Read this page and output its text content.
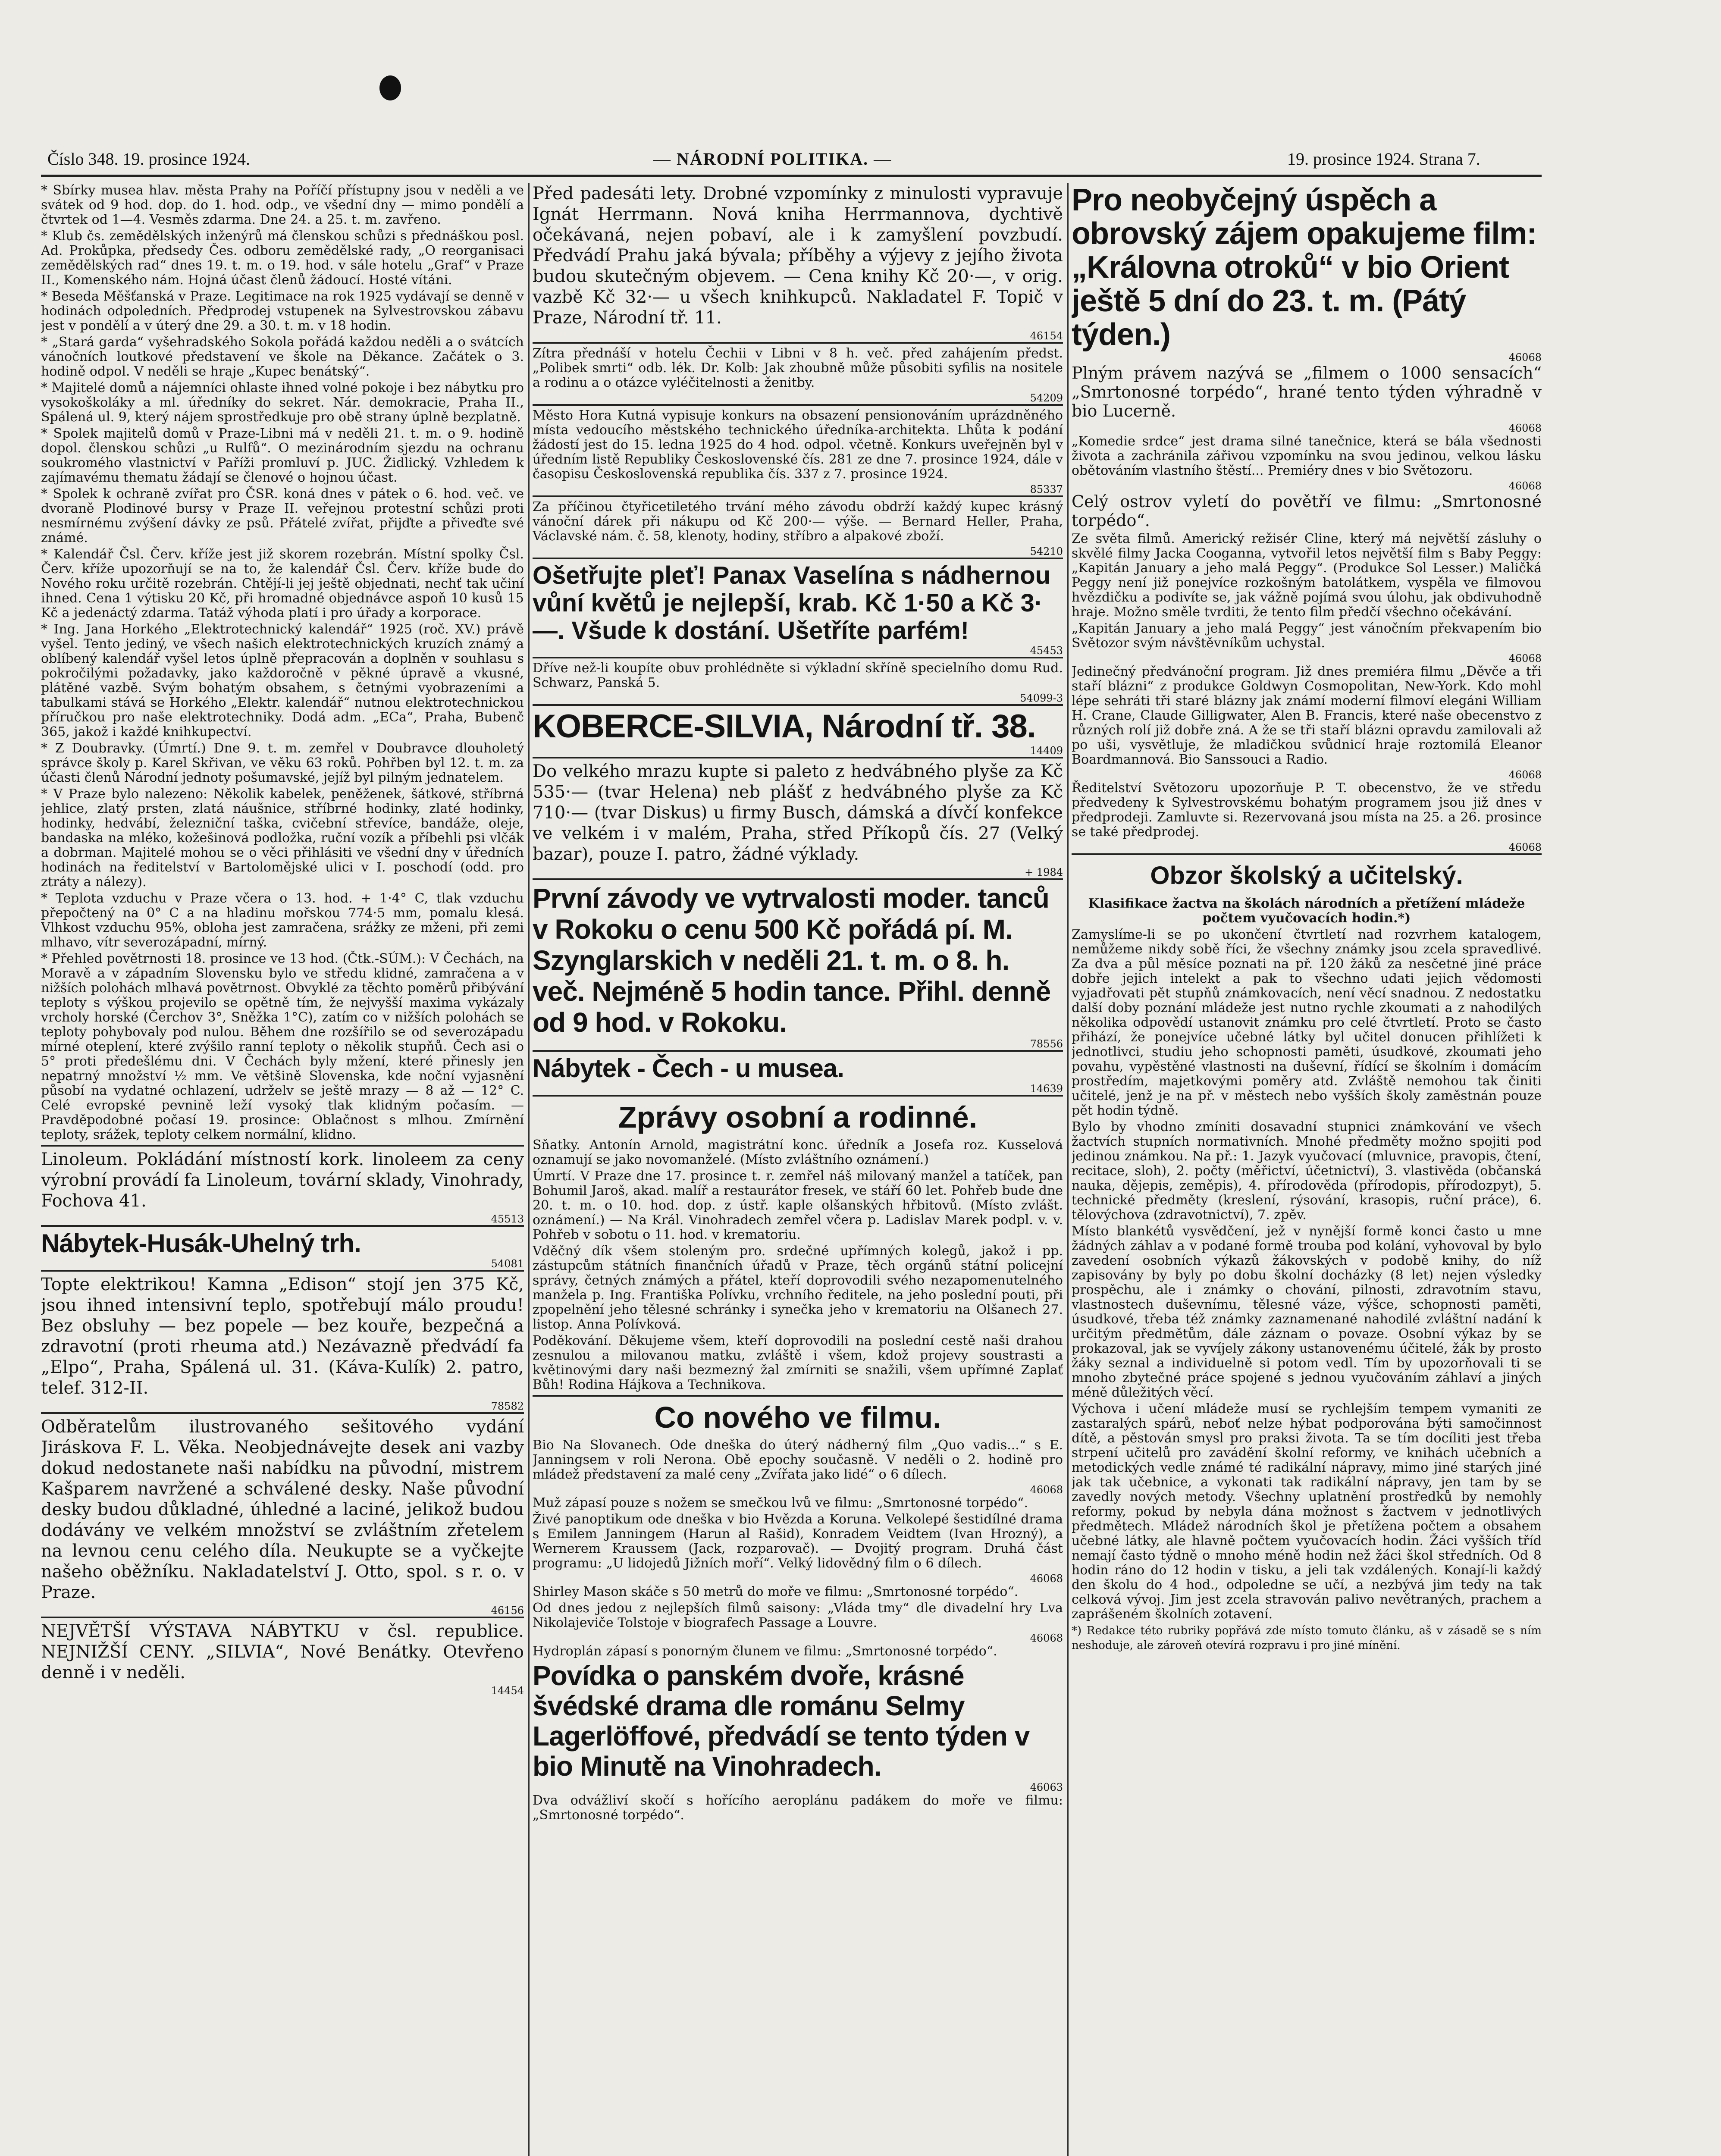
Číslo 348. 19. prosince 1924.	— NÁRODNÍ POLITIKA. —	19. prosince 1924. Strana 7.

* Sbírky musea hlav. města Prahy na Poříčí přístupny jsou v neděli a ve svátek od 9 hod. dop. do 1. hod. odp., ve všední dny — mimo pondělí a čtvrtek od 1—4. Vesměs zdarma. Dne 24. a 25. t. m. zavřeno.

* Klub čs. zemědělských inženýrů má členskou schůzi s přednáškou posl. Ad. Prokůpka, předsedy Čes. odboru zemědělské rady, „O reorganisaci zemědělských rad“ dnes 19. t. m. o 19. hod. v sále hotelu „Graf“ v Praze II., Komenského nám. Hojná účast členů žádoucí. Hosté vítáni.

* Beseda Měšťanská v Praze. Legitimace na rok 1925 vydávají se denně v hodinách odpoledních. Předprodej vstupenek na Sylvestrovskou zábavu jest v pondělí a v úterý dne 29. a 30. t. m. v 18 hodin.

* „Stará garda“ vyšehradského Sokola pořádá každou neděli a o svátcích vánočních loutkové představení ve škole na Děkance. Začátek o 3. hodině odpol. V neděli se hraje „Kupec benátský“.

* Majitelé domů a nájemníci ohlaste ihned volné pokoje i bez nábytku pro vysokoškoláky a ml. úředníky do sekret. Nár. demokracie, Praha II., Spálená ul. 9, který nájem sprostředkuje pro obě strany úplně bezplatně.

* Spolek majitelů domů v Praze-Libni má v neděli 21. t. m. o 9. hodině dopol. členskou schůzi „u Rulfů“. O mezinárodním sjezdu na ochranu soukromého vlastnictví v Paříži promluví p. JUC. Židlický. Vzhledem k zajímavému thematu žádají se členové o hojnou účast.

* Spolek k ochraně zvířat pro ČSR. koná dnes v pátek o 6. hod. več. ve dvoraně Plodinové bursy v Praze II. veřejnou protestní schůzi proti nesmírnému zvýšení dávky ze psů. Přátelé zvířat, přijďte a přiveďte své známé.

* Kalendář Čsl. Červ. kříže jest již skorem rozebrán. Místní spolky Čsl. Červ. kříže upozorňují se na to, že kalendář Čsl. Červ. kříže bude do Nového roku určitě rozebrán. Chtějí-li jej ještě objednati, nechť tak učiní ihned. Cena 1 výtisku 20 Kč, při hromadné objednávce aspoň 10 kusů 15 Kč a jedenáctý zdarma. Tatáž výhoda platí i pro úřady a korporace.

* Ing. Jana Horkého „Elektrotechnický kalendář“ 1925 (roč. XV.) právě vyšel. Tento jediný, ve všech našich elektrotechnických kruzích známý a oblíbený kalendář vyšel letos úplně přepracován a doplněn v souhlasu s pokročilými požadavky, jako každoročně v pěkné úpravě a vkusné, plátěné vazbě. Svým bohatým obsahem, s četnými vyobrazeními a tabulkami stává se Horkého „Elektr. kalendář“ nutnou elektrotechnickou příručkou pro naše elektrotechniky. Dodá adm. „ECa“, Praha, Bubenč 365, jakož i každé knihkupectví.

* Z Doubravky. (Úmrtí.) Dne 9. t. m. zemřel v Doubravce dlouholetý správce školy p. Karel Skřivan, ve věku 63 roků. Pohřben byl 12. t. m. za účasti členů Národní jednoty pošumavské, jejíž byl pilným jednatelem.

* V Praze bylo nalezeno: Několik kabelek, peněženek, šátkové, stříbrná jehlice, zlatý prsten, zlatá náušnice, stříbrné hodinky, zlaté hodinky, hodinky, hedvábí, železniční taška, cvičební střevíce, bandáže, oleje, bandaska na mléko, kožešinová podložka, ruční vozík a příbehli psi vlčák a dobrman. Majitelé mohou se o věci přihlásiti ve všední dny v úředních hodinách na ředitelství v Bartolomějské ulici v I. poschodí (odd. pro ztráty a nálezy).

* Teplota vzduchu v Praze včera o 13. hod. + 1·4° C, tlak vzduchu přepočtený na 0° C a na hladinu mořskou 774·5 mm, pomalu klesá. Vlhkost vzduchu 95%, obloha jest zamračena, srážky ze mženi, při zemi mlhavo, vítr severozápadní, mírný.

* Přehled povětrnosti 18. prosince ve 13 hod. (Čtk.-SÚM.): V Čechách, na Moravě a v západním Slovensku bylo ve středu klidné, zamračena a v nižších polohách mlhavá povětrnost. Obvyklé za těchto poměrů přibývání teploty s výškou projevilo se opětně tím, že nejvyšší maxima vykázaly vrcholy horské (Čerchov 3°, Sněžka 1°C), zatím co v nižších polohách se teploty pohybovaly pod nulou. Během dne rozšířilo se od severozápadu mírné oteplení, které zvýšilo ranní teploty o několik stupňů. Čech asi o 5° proti předešlému dni. V Čechách byly mžení, které přinesly jen nepatrný množství ½ mm. Ve většině Slovenska, kde noční vyjasnění působí na vydatné ochlazení, udrželv se ještě mrazy — 8 až — 12° C. Celé evropské pevnině leží vysoký tlak klidným počasím. — Pravděpodobné počasí 19. prosince: Oblačnost s mlhou. Zmírnění teploty, srážek, teploty celkem normální, klidno.

Linoleum. Pokládání místností kork. linoleem za ceny výrobní provádí fa Linoleum, tovární sklady, Vinohrady, Fochova 41.

45513
Nábytek-Husák-Uhelný trh.
54081

Topte elektrikou! Kamna „Edison“ stojí jen 375 Kč, jsou ihned intensivní teplo, spotřebují málo proudu! Bez obsluhy — bez popele — bez kouře, bezpečná a zdravotní (proti rheuma atd.) Nezávazně předvádí fa „Elpo“, Praha, Spálená ul. 31. (Káva-Kulík) 2. patro, telef. 312-II.

78582

Odběratelům ilustrovaného sešitového vydání Jiráskova F. L. Věka. Neobjednávejte desek ani vazby dokud nedostanete naši nabídku na původní, mistrem Kašparem navržené a schválené desky. Naše původní desky budou důkladné, úhledné a laciné, jelikož budou dodávány ve velkém množství se zvláštním zřetelem na levnou cenu celého díla. Neukupte se a vyčkejte našeho oběžníku. Nakladatelství J. Otto, spol. s r. o. v Praze.

46156

NEJVĚTŠÍ VÝSTAVA NÁBYTKU v čsl. republice. NEJNIŽŠÍ CENY. „SILVIA“, Nové Benátky. Otevřeno denně i v neděli.

14454

Před padesáti lety. Drobné vzpomínky z minulosti vypravuje Ignát Herrmann. Nová kniha Herrmannova, dychtivě očekávaná, nejen pobaví, ale i k zamyšlení povzbudí. Předvádí Prahu jaká bývala; příběhy a výjevy z jejího života budou skutečným objevem. — Cena knihy Kč 20·—, v orig. vazbě Kč 32·— u všech knihkupců. Nakladatel F. Topič v Praze, Národní tř. 11.

46154

Zítra přednáší v hotelu Čechii v Libni v 8 h. več. před zahájením předst. „Polibek smrti“ odb. lék. Dr. Kolb: Jak zhoubně může působiti syfilis na nositele a rodinu a o otázce vyléčitelnosti a ženitby.

54209

Město Hora Kutná vypisuje konkurs na obsazení pensionováním uprázdněného místa vedoucího městského technického úředníka-architekta. Lhůta k podání žádostí jest do 15. ledna 1925 do 4 hod. odpol. včetně. Konkurs uveřejněn byl v úředním listě Republiky Československé čís. 281 ze dne 7. prosince 1924, dále v časopisu Československá republika čís. 337 z 7. prosince 1924.

85337

Za příčinou čtyřicetiletého trvání mého závodu obdrží každý kupec krásný vánoční dárek při nákupu od Kč 200·— výše. — Bernard Heller, Praha, Václavské nám. č. 58, klenoty, hodiny, stříbro a alpakové zboží.

54210
Ošetřujte pleť! Panax Vaselína s nádhernou vůní květů je nejlepší, krab. Kč 1·50 a Kč 3·—. Všude k dostání. Ušetříte parfém!
45453

Dříve než-li koupíte obuv prohlédněte si výkladní skříně specielního domu Rud. Schwarz, Panská 5.

54099-3
KOBERCE-SILVIA, Národní tř. 38.
14409

Do velkého mrazu kupte si paleto z hedvábného plyše za Kč 535·— (tvar Helena) neb plášť z hedvábného plyše za Kč 710·— (tvar Diskus) u firmy Busch, dámská a dívčí konfekce ve velkém i v malém, Praha, střed Příkopů čís. 27 (Velký bazar), pouze I. patro, žádné výklady.

+ 1984
První závody ve vytrvalosti moder. tanců v Rokoku o cenu 500 Kč pořádá pí. M. Szynglarskich v neděli 21. t. m. o 8. h. več. Nejméně 5 hodin tance. Přihl. denně od 9 hod. v Rokoku.
78556
Nábytek - Čech - u musea.
14639
Zprávy osobní a rodinné.

Sňatky. Antonín Arnold, magistrátní konc. úředník a Josefa roz. Kusselová oznamují se jako novomanželé. (Místo zvláštního oznámení.)

Úmrtí. V Praze dne 17. prosince t. r. zemřel náš milovaný manžel a tatíček, pan Bohumil Jaroš, akad. malíř a restaurátor fresek, ve stáří 60 let. Pohřeb bude dne 20. t. m. o 10. hod. dop. z ústř. kaple olšanských hřbitovů. (Místo zvlášt. oznámení.) — Na Král. Vinohradech zemřel včera p. Ladislav Marek podpl. v. v. Pohřeb v sobotu o 11. hod. v krematoriu.

Vděčný dík všem stoleným pro. srdečné upřímných kolegů, jakož i pp. zástupcům státních finančních úřadů v Praze, těch orgánů státní policejní správy, četných známých a přátel, kteří doprovodili svého nezapomenutelného manžela p. Ing. Františka Polívku, vrchního ředitele, na jeho poslední pouti, při zpopelnění jeho tělesné schránky i synečka jeho v krematoriu na Olšanech 27. listop. Anna Polívková.

Poděkování. Děkujeme všem, kteří doprovodili na poslední cestě naši drahou zesnulou a milovanou matku, zvláště i všem, kdož projevy soustrasti a květinovými dary naši bezmezný žal zmírniti se snažili, všem upřímné Zaplať Bůh! Rodina Hájkova a Technikova.

Co nového ve filmu.

Bio Na Slovanech. Ode dneška do úterý nádherný film „Quo vadis...“ s E. Janningsem v roli Nerona. Obě epochy současně. V neděli o 2. hodině pro mládež představení za malé ceny „Zvířata jako lidé“ o 6 dílech.

46068

Muž zápasí pouze s nožem se smečkou lvů ve filmu: „Smrtonosné torpédo“.

Živé panoptikum ode dneška v bio Hvězda a Koruna. Velkolepé šestidílné drama s Emilem Janningem (Harun al Rašid), Konradem Veidtem (Ivan Hrozný), a Wernerem Kraussem (Jack, rozparovač). — Dvojitý program. Druhá část programu: „U lidojedů Jižních moří“. Velký lidovědný film o 6 dílech.

46068

Shirley Mason skáče s 50 metrů do moře ve filmu: „Smrtonosné torpédo“.

Od dnes jedou z nejlepších filmů saisony: „Vláda tmy“ dle divadelní hry Lva Nikolajeviče Tolstoje v biografech Passage a Louvre.

46068

Hydroplán zápasí s ponorným člunem ve filmu: „Smrtonosné torpédo“.

Povídka o panském dvoře, krásné švédské drama dle románu Selmy Lagerlöffové, předvádí se tento týden v bio Minutě na Vinohradech.
46063

Dva odvážliví skočí s hořícího aeroplánu padákem do moře ve filmu: „Smrtonosné torpédo“.

Pro neobyčejný úspěch a obrovský zájem opakujeme film: „Královna otroků“ v bio Orient ještě 5 dní do 23. t. m. (Pátý týden.)
46068

Plným právem nazývá se „filmem o 1000 sensacích“ „Smrtonosné torpédo“, hrané tento týden výhradně v bio Lucerně.

46068

„Komedie srdce“ jest drama silné tanečnice, která se bála všednosti života a zachránila zářivou vzpomínku na svou jedinou, velkou lásku obětováním vlastního štěstí... Premiéry dnes v bio Světozoru.

46068

Celý ostrov vyletí do povětří ve filmu: „Smrtonosné torpédo“.

Ze světa filmů. Americký režisér Cline, který má největší zásluhy o skvělé filmy Jacka Cooganna, vytvořil letos největší film s Baby Peggy: „Kapitán January a jeho malá Peggy“. (Produkce Sol Lesser.) Maličká Peggy není již ponejvíce rozkošným batolátkem, vyspěla ve filmovou hvězdičku a podivíte se, jak vážně pojímá svou úlohu, jak obdivuhodně hraje. Možno směle tvrditi, že tento film předčí všechno očekávání.

„Kapitán January a jeho malá Peggy“ jest vánočním překvapením bio Světozor svým návštěvníkům uchystal.

46068

Jedinečný předvánoční program. Již dnes premiéra filmu „Děvče a tři staří blázni“ z produkce Goldwyn Cosmopolitan, New-York. Kdo mohl lépe sehráti tři staré blázny jak známí moderní filmoví elegáni William H. Crane, Claude Gilligwater, Alen B. Francis, které naše obecenstvo z různých rolí již dobře zná. A že se tři staří blázni opravdu zamilovali až po uši, vysvětluje, že mladičkou svůdnicí hraje roztomilá Eleanor Boardmannová. Bio Sanssouci a Radio.

46068

Ředitelství Světozoru upozorňuje P. T. obecenstvo, že ve středu předvedeny k Sylvestrovskému bohatým programem jsou již dnes v předprodeji. Zamluvte si. Rezervovaná jsou místa na 25. a 26. prosince se také předprodej.

46068
Obzor školský a učitelský.

Klasifikace žactva na školách národních a přetížení mládeže počtem vyučovacích hodin.*)

Zamyslíme-li se po ukončení čtvrtletí nad rozvrhem katalogem, nemůžeme nikdy sobě říci, že všechny známky jsou zcela spravedlivé. Za dva a půl měsíce poznati na př. 120 žáků za nesčetné jiné práce dobře jejich intelekt a pak to všechno udati jejich vědomosti vyjadřovati pět stupňů známkovacích, není věcí snadnou. Z nedostatku další doby poznání mládeže jest nutno rychle zkoumati a z nahodilých několika odpovědí ustanovit známku pro celé čtvrtletí. Proto se často přihází, že ponejvíce učebné látky byl učitel donucen přihlížeti k jednotlivci, studiu jeho schopnosti paměti, úsudkové, zkoumati jeho povahu, vypěstěné vlastnosti na duševní, řídící se školním i domácím prostředím, majetkovými poměry atd. Zvláště nemohou tak činiti učitelé, jenž je na př. v městech nebo vyšších školy zaměstnán pouze pět hodin týdně.

Bylo by vhodno zmíniti dosavadní stupnici známkování ve všech žactvích stupních normativních. Mnohé předměty možno spojiti pod jedinou známkou. Na př.: 1. Jazyk vyučovací (mluvnice, pravopis, čtení, recitace, sloh), 2. počty (měřictví, účetnictví), 3. vlastivěda (občanská nauka, dějepis, zeměpis), 4. přírodověda (přírodopis, přírodozpyt), 5. technické předměty (kreslení, rýsování, krasopis, ruční práce), 6. tělovýchova (zdravotnictví), 7. zpěv.

Místo blankétů vysvědčení, jež v nynější formě konci často u mne žádných záhlav a v podané formě trouba pod kolání, vyhovoval by bylo zavedení osobních výkazů žákovských v podobě knihy, do níž zapisovány by byly po dobu školní docházky (8 let) nejen výsledky prospěchu, ale i známky o chování, pilnosti, zdravotním stavu, vlastnostech duševnímu, tělesné váze, výšce, schopnosti paměti, úsudkové, třeba též známky zaznamenané nahodilé zvláštní nadání k určitým předmětům, dále záznam o povaze. Osobní výkaz by se prokazoval, jak se vyvíjely zákony ustanovenému účitelé, žák by prosto žáky seznal a individuelně si potom vedl. Tím by upozorňovali ti se mnoho zbytečné práce spojené s jednou vyučováním záhlaví a jiných méně důležitých věcí.

Výchova i učení mládeže musí se rychlejším tempem vymaniti ze zastaralých spárů, neboť nelze hýbat podporována býti samočinnost dítě, a pěstován smysl pro praksi života. Ta se tím docíliti jest třeba strpení učitelů pro zavádění školní reformy, ve knihách učebních a metodických vedle známé té radikální nápravy, mimo jiné starých jiné jak tak učebnice, a vykonati tak radikální nápravy, jen tam by se zavedly nových metody. Všechny uplatnění prostředků by nemohly reformy, pokud by nebyla dána možnost s žactvem v jednotlivých předmětech. Mládež národních škol je přetížena počtem a obsahem učebné látky, ale hlavně počtem vyučovacích hodin. Žáci vyšších tříd nemají často týdně o mnoho méně hodin než žáci škol středních. Od 8 hodin ráno do 12 hodin v tisku, a jeli tak vzdálených. Konají-li každý den školu do 4 hod., odpoledne se učí, a nezbývá jim tedy na tak celková vývoj. Jim jest zcela stravován palivo nevětraných, prachem a zaprášeném školních zotavení.

*) Redakce této rubriky popřává zde místo tomuto článku, aš v zásadě se s ním neshoduje, ale zároveň otevírá rozpravu i pro jiné mínění.
